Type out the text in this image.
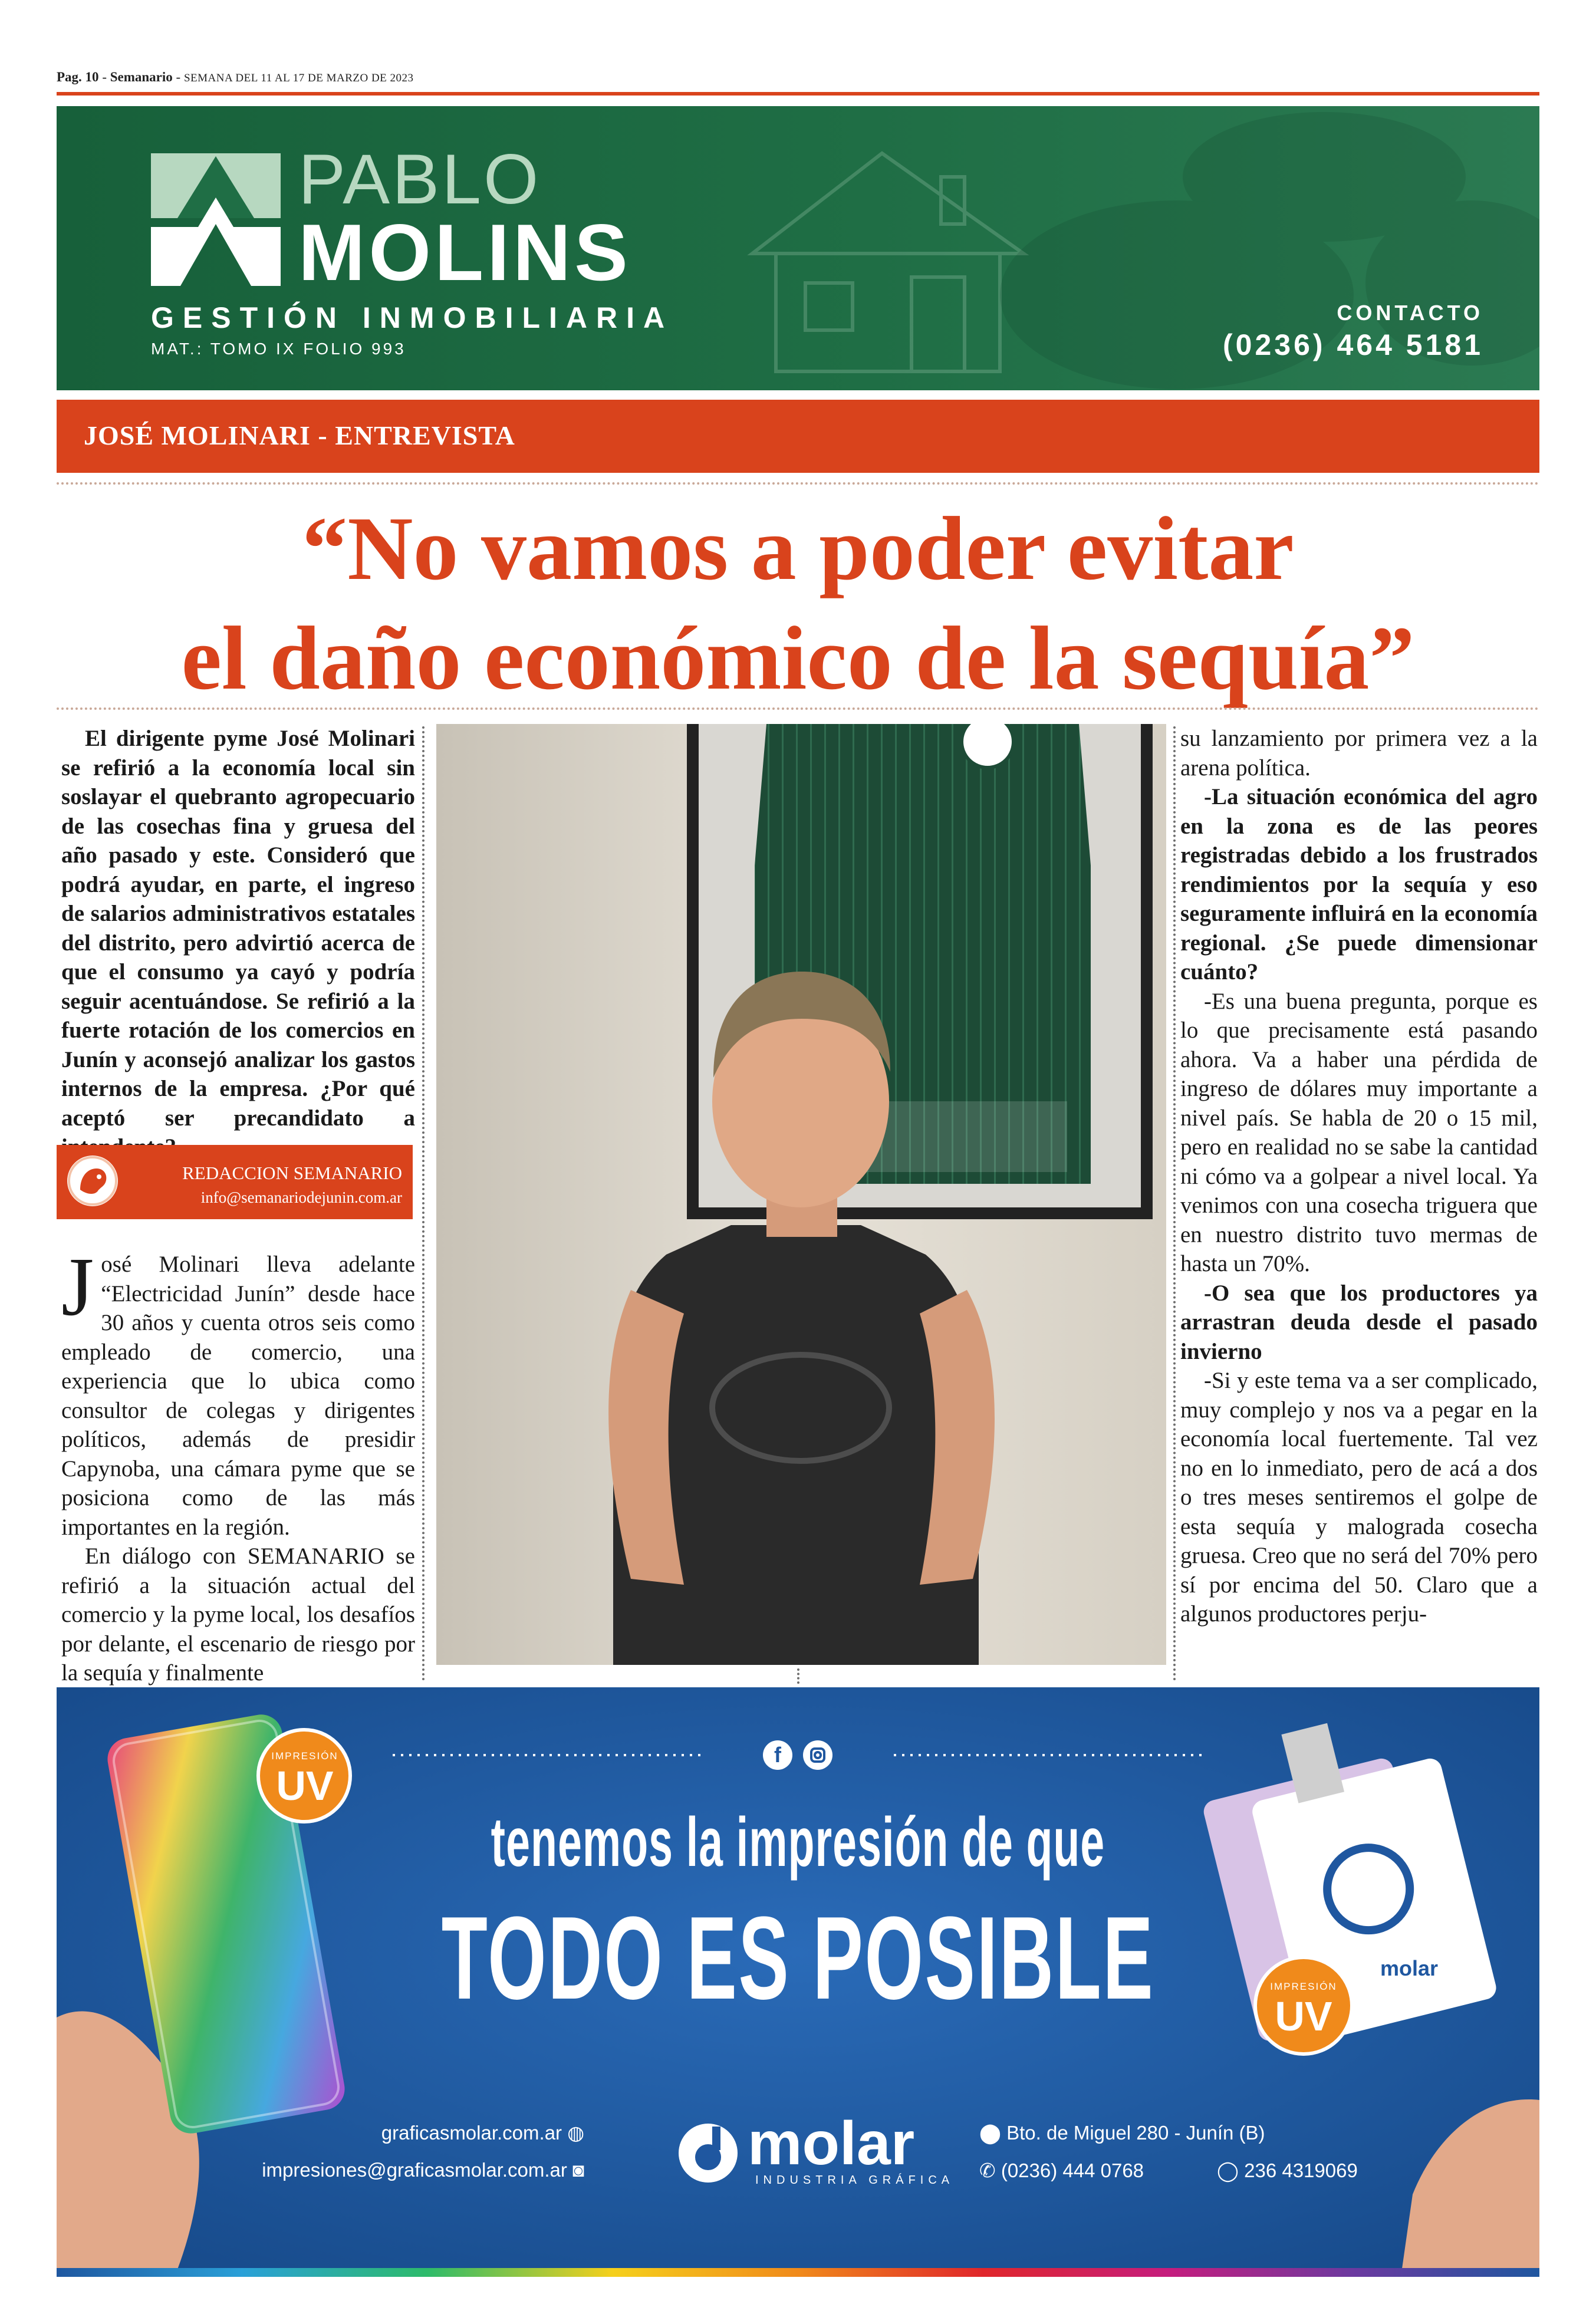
Pag. 10 - Semanario - SEMANA DEL 11 AL 17 DE MARZO DE 2023
PABLO
MOLINS
GESTIÓN INMOBILIARIA
MAT.: TOMO IX FOLIO 993
CONTACTO
(0236) 464 5181
JOSÉ MOLINARI - ENTREVISTA
“No vamos a poder evitar
el daño económico de la sequía”

El dirigente pyme José Molinari se refirió a la economía local sin soslayar el quebranto agropecuario de las cosechas fina y gruesa del año pasado y este. Consideró que podrá ayudar, en parte, el ingreso de salarios administrativos estatales del distrito, pero advirtió acerca de que el consumo ya cayó y podría seguir acentuándose. Se refirió a la fuerte rotación de los comercios en Junín y aconsejó analizar los gastos internos de la empresa. ¿Por qué aceptó ser precandidato a

REDACCION SEMANARIO
info@semanariodejunin.com.ar
J osé Molinari lleva adelante “Electricidad Junín” desde hace 30 años y cuenta otros seis como empleado de comercio, una experiencia que lo ubica como consultor de colegas y dirigentes políticos, además de presidir Capynoba, una cámara pyme que se posiciona como de las más importantes en la región.

En diálogo con SEMANARIO se refirió a la situación actual del comercio y la pyme local, los desafíos por delante, el escenario de riesgo por la sequía y finalmente

su lanzamiento por primera vez a la arena política.

-La situación económica del agro en la zona es de las peores registradas debido a los frustrados rendimientos por la sequía y eso seguramente influirá en la economía regional. ¿Se puede dimensionar cuánto?

-Es una buena pregunta, porque es lo que precisamente está pasando ahora. Va a haber una pérdida de ingreso de dólares muy importante a nivel país. Se habla de 20 o 15 mil, pero en realidad no se sabe la cantidad ni cómo va a golpear a nivel local. Ya venimos con una cosecha triguera que en nuestro distrito tuvo mermas de hasta un 70%.

-O sea que los productores ya arrastran deuda desde el pasado invierno

-Si y este tema va a ser complicado, muy complejo y nos va a pegar en la economía local fuertemente. Tal vez no en lo inmediato, pero de acá a dos o tres meses sentiremos el golpe de esta sequía y malograda cosecha gruesa. Creo que no será del 70% pero sí por encima del 50. Claro que a algunos productores perju-

IMPRESIÓN
UV
IMPRESIÓN
UV
f
tenemos la impresión de que
TODO ES POSIBLE	molar
graficasmolar.com.ar ◍
impresiones@graficasmolar.com.ar ◙	molar
INDUSTRIA GRÁFICA
⬤ Bto. de Miguel 280 - Junín (B)
✆ (0236) 444 0768	◯ 236 4319069
